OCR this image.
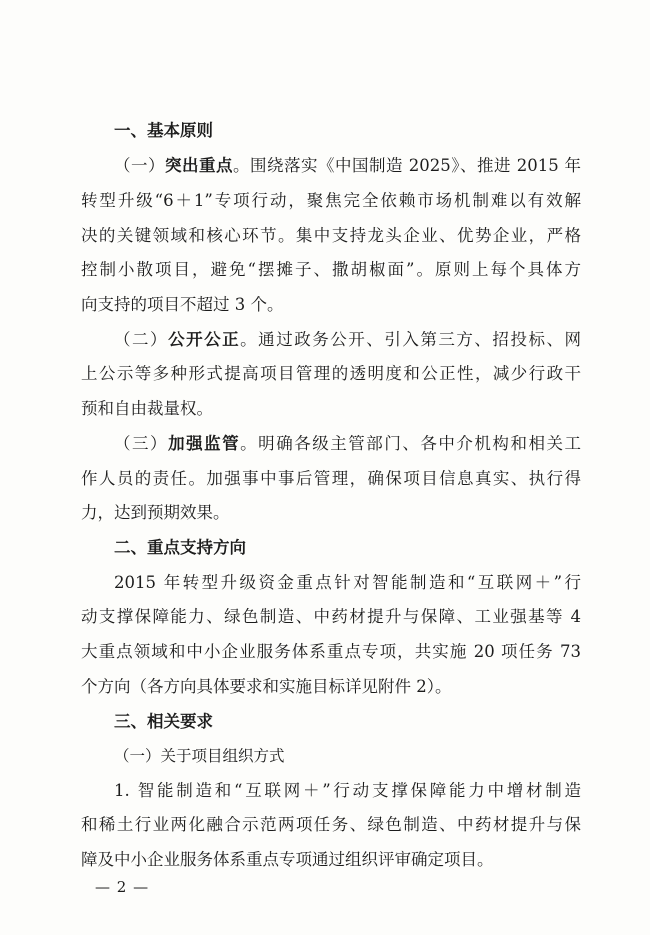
一、基本原则
（一）突出重点。围绕落实《中国制造 2025》、推进 2015 年
转型升级“6＋1”专项行动，聚焦完全依赖市场机制难以有效解
决的关键领域和核心环节。集中支持龙头企业、优势企业，严格
控制小散项目，避免“摆摊子、撒胡椒面”。原则上每个具体方
向支持的项目不超过 3 个。
（二）公开公正。通过政务公开、引入第三方、招投标、网
上公示等多种形式提高项目管理的透明度和公正性，减少行政干
预和自由裁量权。
（三）加强监管。明确各级主管部门、各中介机构和相关工
作人员的责任。加强事中事后管理，确保项目信息真实、执行得
力，达到预期效果。
二、重点支持方向
2015 年转型升级资金重点针对智能制造和“互联网＋”行
动支撑保障能力、绿色制造、中药材提升与保障、工业强基等 4
大重点领域和中小企业服务体系重点专项，共实施 20 项任务 73
个方向（各方向具体要求和实施目标详见附件 2）。
三、相关要求
（一）关于项目组织方式
1. 智能制造和“互联网＋”行动支撑保障能力中增材制造
和稀土行业两化融合示范两项任务、绿色制造、中药材提升与保
障及中小企业服务体系重点专项通过组织评审确定项目。
— 2 —
